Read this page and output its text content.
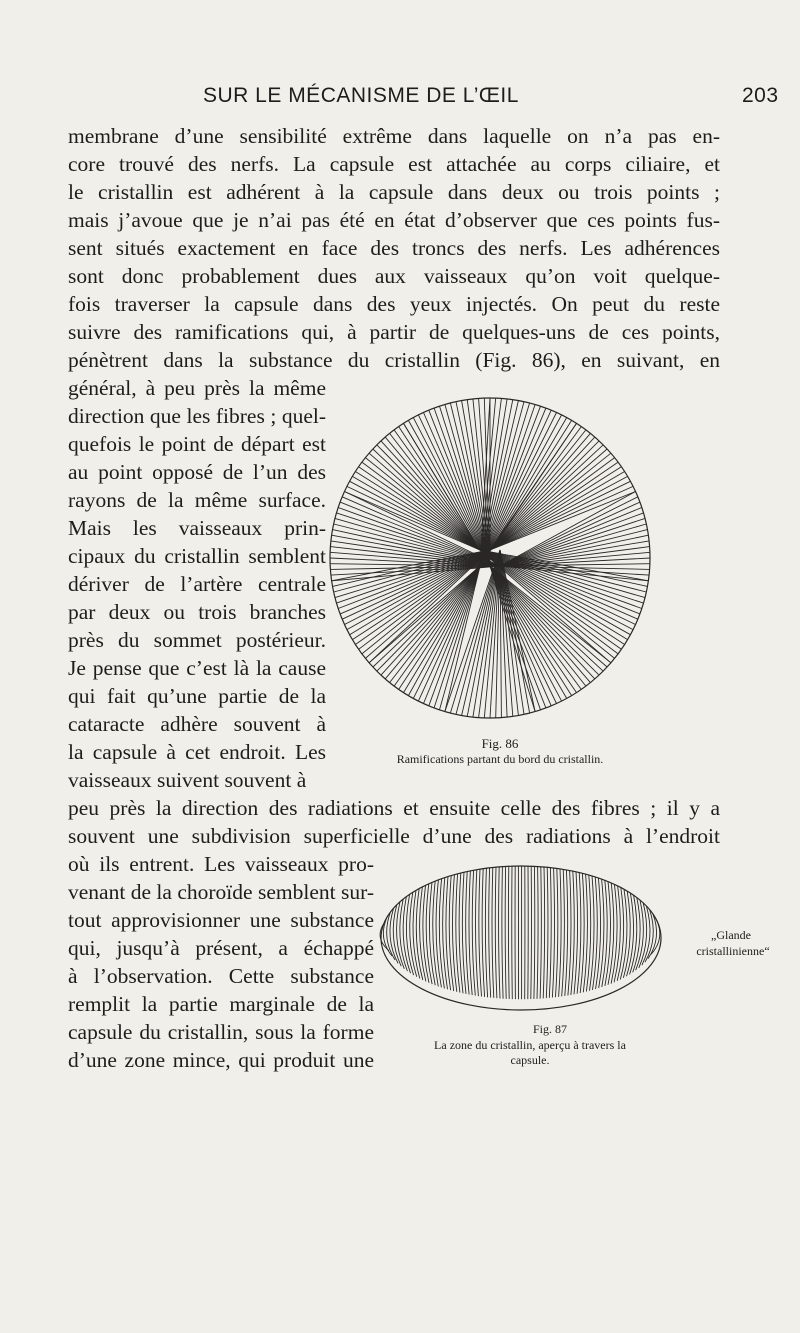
SUR LE MÉCANISME DE L’ŒIL	203
membrane d’une sensibilité extrême dans laquelle on n’a pas en-
core trouvé des nerfs. La capsule est attachée au corps ciliaire, et
le cristallin est adhérent à la capsule dans deux ou trois points ;
mais j’avoue que je n’ai pas été en état d’observer que ces points fus-
sent situés exactement en face des troncs des nerfs. Les adhérences
sont donc probablement dues aux vaisseaux qu’on voit quelque-
fois traverser la capsule dans des yeux injectés. On peut du reste
suivre des ramifications qui, à partir de quelques-uns de ces points,
pénètrent dans la substance du cristallin (Fig. 86), en suivant, en
général, à peu près la même
direction que les fibres ; quel-
quefois le point de départ est
au point opposé de l’un des
rayons de la même surface.
Mais les vaisseaux prin-
cipaux du cristallin semblent
dériver de l’artère centrale
par deux ou trois branches
près du sommet postérieur.
Je pense que c’est là la cause
qui fait qu’une partie de la
cataracte adhère souvent à
la capsule à cet endroit. Les
vaisseaux suivent souvent à
Fig. 86
Ramifications partant du bord du cristallin.
peu près la direction des radiations et ensuite celle des fibres ; il y a
souvent une subdivision superficielle d’une des radiations à l’endroit
où ils entrent. Les vaisseaux pro-
venant de la choroïde semblent sur-
tout approvisionner une substance
qui, jusqu’à présent, a échappé
à l’observation. Cette substance
remplit la partie marginale de la
capsule du cristallin, sous la forme
d’une zone mince, qui produit une
Fig. 87
La zone du cristallin, aperçu à travers la
capsule.
„Glande
cristallinienne“
